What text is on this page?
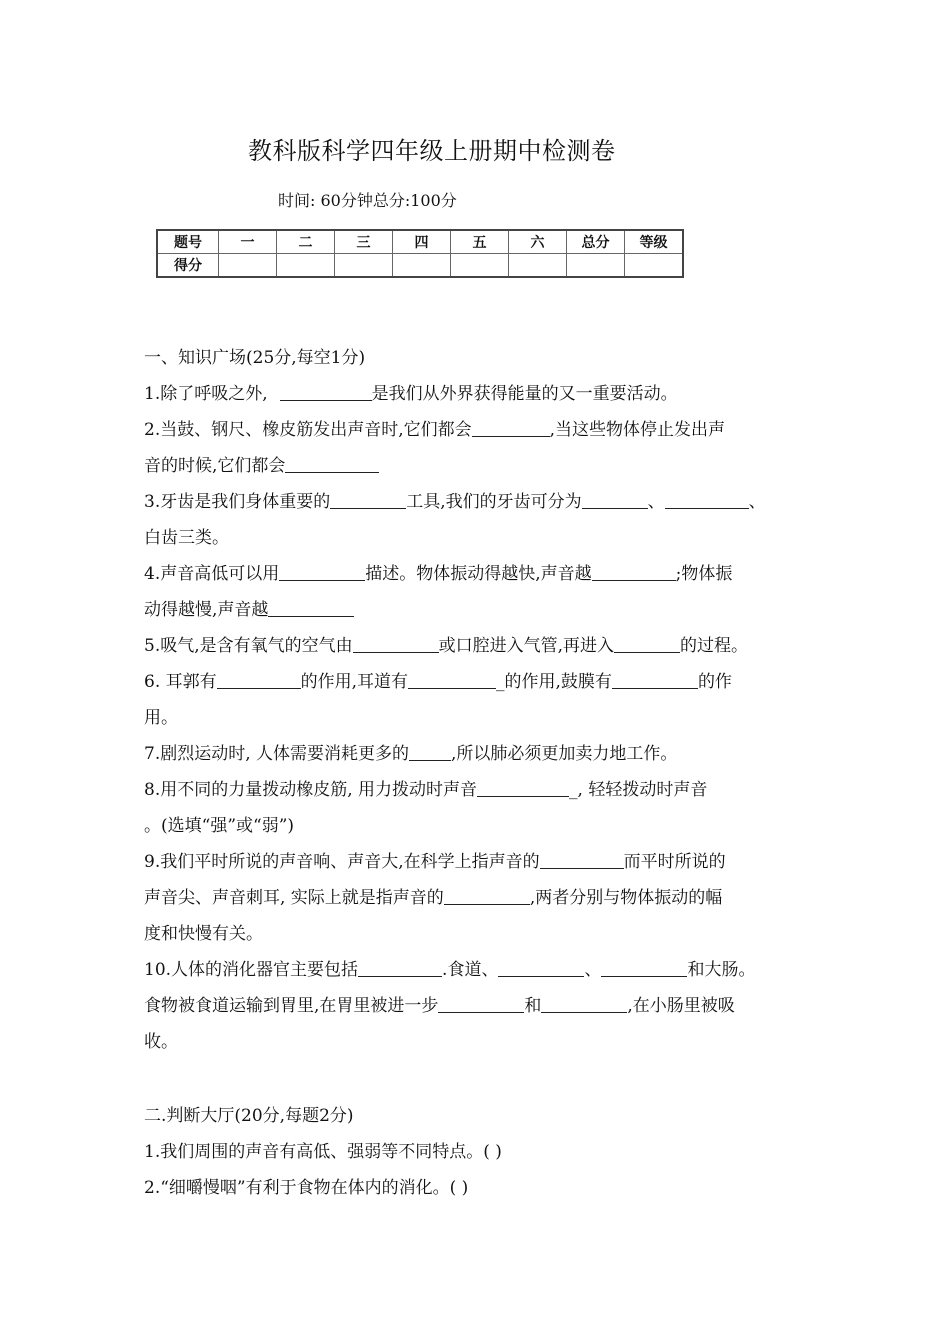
教科版科学四年级上册期中检测卷
时间: 60分钟总分:100分
题号	一	二	三	四	五	六	总分	等级
得分								
一、知识广场(25分,每空1分)
1.除了呼吸之外,	是我们从外界获得能量的又一重要活动。
2.当鼓、钢尺、橡皮筋发出声音时,它们都会	,当这些物体停止发出声
音的时候,它们都会
3.牙齿是我们身体重要的	工具,我们的牙齿可分为	、	、
白齿三类。
4.声音高低可以用	描述。物体振动得越快,声音越	;物体振
动得越慢,声音越
5.吸气,是含有氧气的空气由	或口腔进入气管,再进入	的过程。
6. 耳郭有	的作用,耳道有	_的作用,鼓膜有	的作
用。
7.剧烈运动时, 人体需要消耗更多的 ,所以肺必须更加卖力地工作。
8.用不同的力量拨动橡皮筋, 用力拨动时声音	_, 轻轻拨动时声音
。(选填“强”或“弱”)
9.我们平时所说的声音响、声音大,在科学上指声音的	而平时所说的
声音尖、声音刺耳, 实际上就是指声音的	,两者分别与物体振动的幅
度和快慢有关。
10.人体的消化器官主要包括	.食道、	、	和大肠。
食物被食道运输到胃里,在胃里被进一步	和	,在小肠里被吸
收。
二.判断大厅(20分,每题2分)
1.我们周围的声音有高低、强弱等不同特点。( )
2.“细嚼慢咽”有利于食物在体内的消化。( )
